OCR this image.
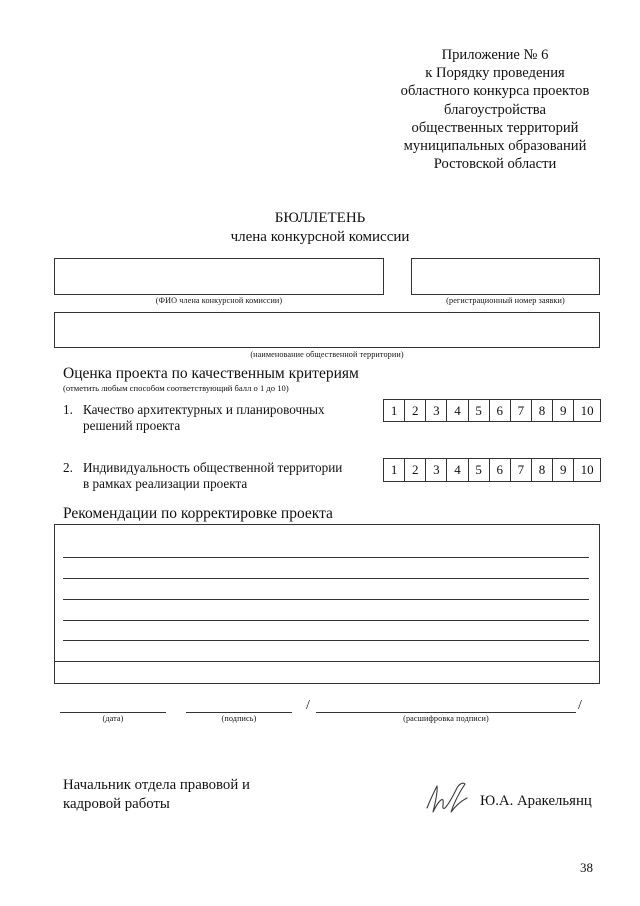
Приложение № 6
к Порядку проведения
областного конкурса проектов
благоустройства
общественных территорий
муниципальных образований
Ростовской области
БЮЛЛЕТЕНЬ
члена конкурсной комиссии
(ФИО члена конкурсной комиссии)	(регистрационный номер заявки)
(наименование общественной территории)
Оценка проекта по качественным критериям
(отметить любым способом соответствующий балл о 1 до 10)
1. Качество архитектурных и планировочных
решений проекта
1	2	3	4	5	6	7	8	9	10
2. Индивидуальность общественной территории
в рамках реализации проекта
1	2	3	4	5	6	7	8	9	10
Рекомендации по корректировке проекта
(дата)	(подпись)
/
(расшифровка подписи)
/
Начальник отдела правовой и
кадровой работы	Ю.А. Аракельянц
38
